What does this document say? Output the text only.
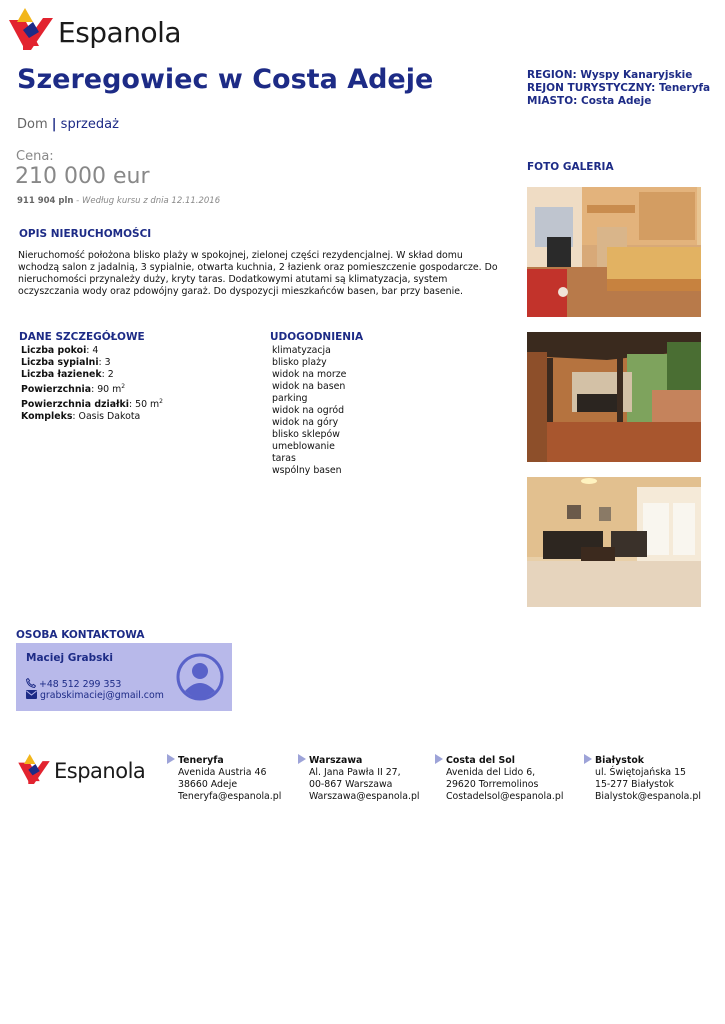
Espanola
Szeregowiec w Costa Adeje
Dom | sprzedaż
Cena:
210 000 eur
911 904 pln - Według kursu z dnia 12.11.2016
OPIS NIERUCHOMOŚCI
Nieruchomość położona blisko plaży w spokojnej, zielonej części rezydencjalnej. W skład domu wchodzą salon z jadalnią, 3 sypialnie, otwarta kuchnia, 2 łazienk oraz pomieszczenie gospodarcze. Do nieruchomości przynależy duży, kryty taras. Dodatkowymi atutami są klimatyzacja, system oczyszczania wody oraz pdowójny garaż. Do dyspozycji mieszkańców basen, bar przy basenie.
DANE SZCZEGÓŁOWE
Liczba pokoi: 4
Liczba sypialni: 3
Liczba łazienek: 2
Powierzchnia: 90 $m^2$
Powierzchnia działki: 50 $m^2$
Kompleks: Oasis Dakota
UDOGODNIENIA
klimatyzacja
blisko plaży
widok na morze
widok na basen
parking
widok na ogród
widok na góry
blisko sklepów
umeblowanie
taras
wspólny basen
REGION: Wyspy Kanaryjskie
REJON TURYSTYCZNY: Teneryfa
MIASTO: Costa Adeje
FOTO GALERIA
OSOBA KONTAKTOWA
Maciej Grabski
+48 512 299 353
grabskimaciej@gmail.com
Espanola	Teneryfa
Avenida Austria 46
38660 Adeje
Teneryfa@espanola.pl
Warszawa
Al. Jana Pawła II 27,
00-867 Warszawa
Warszawa@espanola.pl
Costa del Sol
Avenida del Lido 6,
29620 Torremolinos
Costadelsol@espanola.pl
Białystok
ul. Świętojańska 15
15-277 Białystok
Bialystok@espanola.pl
